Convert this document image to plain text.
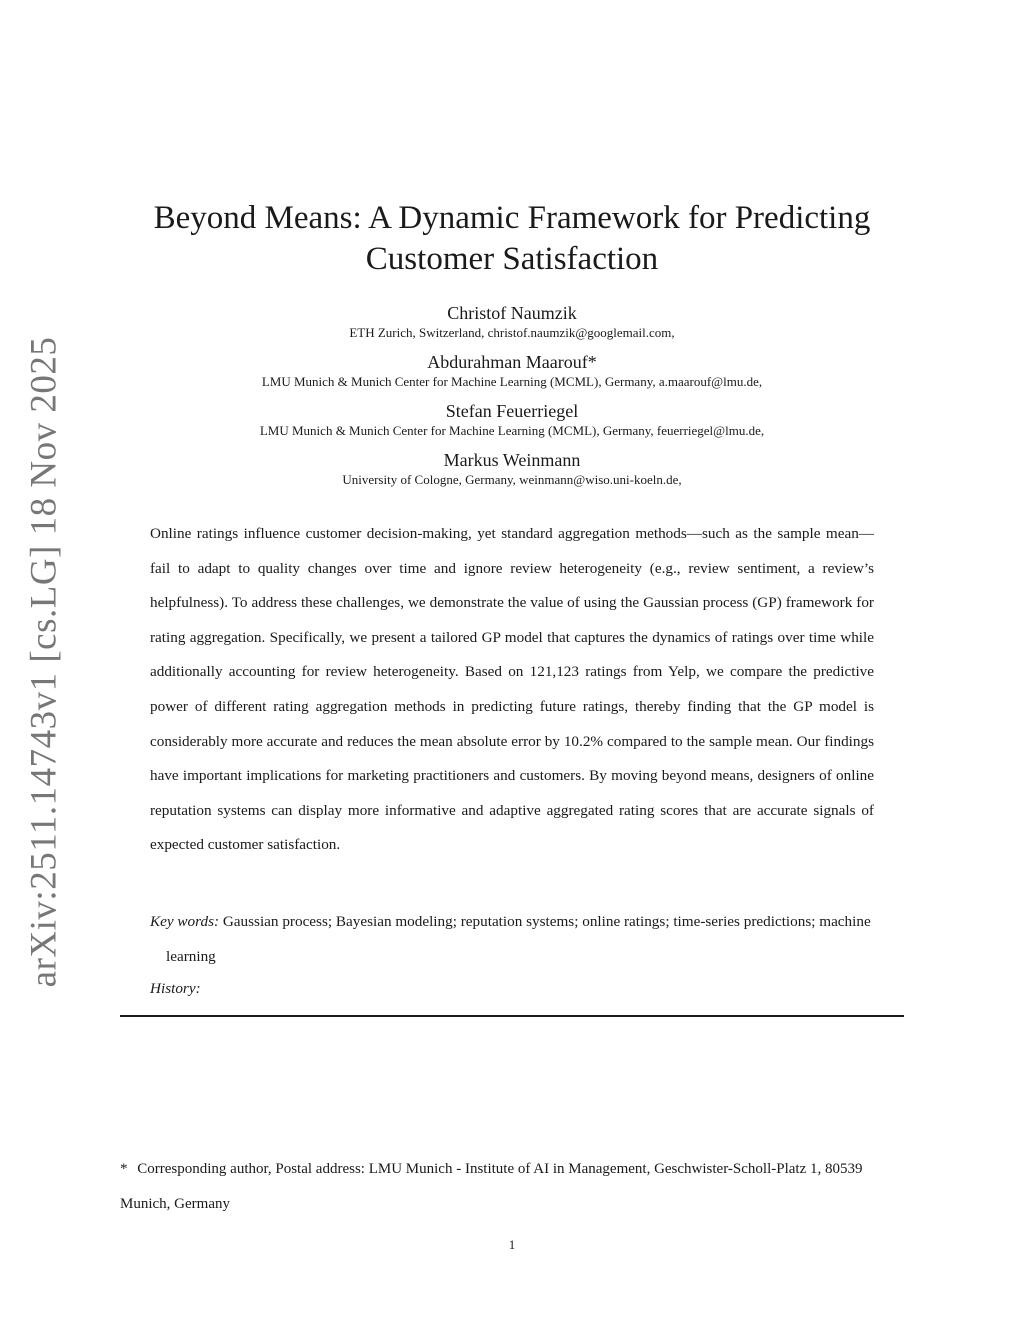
arXiv:2511.14743v1 [cs.LG] 18 Nov 2025
Beyond Means: A Dynamic Framework for Predicting
Customer Satisfaction
Christof Naumzik
ETH Zurich, Switzerland, christof.naumzik@googlemail.com,
Abdurahman Maarouf*
LMU Munich & Munich Center for Machine Learning (MCML), Germany, a.maarouf@lmu.de,
Stefan Feuerriegel
LMU Munich & Munich Center for Machine Learning (MCML), Germany, feuerriegel@lmu.de,
Markus Weinmann
University of Cologne, Germany, weinmann@wiso.uni-koeln.de,

Online ratings influence customer decision-making, yet standard aggregation methods—such as the sample mean—fail to adapt to quality changes over time and ignore review heterogeneity (e.g., review sentiment, a review’s helpfulness). To address these challenges, we demonstrate the value of using the Gaussian process (GP) framework for rating aggregation. Specifically, we present a tailored GP model that captures the dynamics of ratings over time while additionally accounting for review heterogeneity. Based on 121,123 ratings from Yelp, we compare the predictive power of different rating aggregation methods in predicting future ratings, thereby finding that the GP model is considerably more accurate and reduces the mean absolute error by 10.2% compared to the sample mean. Our findings have important implications for marketing practitioners and customers. By moving beyond means, designers of online reputation systems can display more informative and adaptive aggregated rating scores that are accurate signals of expected customer satisfaction.

Key words: Gaussian process; Bayesian modeling; reputation systems; online ratings; time-series predictions; machine learning

History:

* Corresponding author, Postal address: LMU Munich - Institute of AI in Management, Geschwister-Scholl-Platz 1, 80539 Munich, Germany

1
